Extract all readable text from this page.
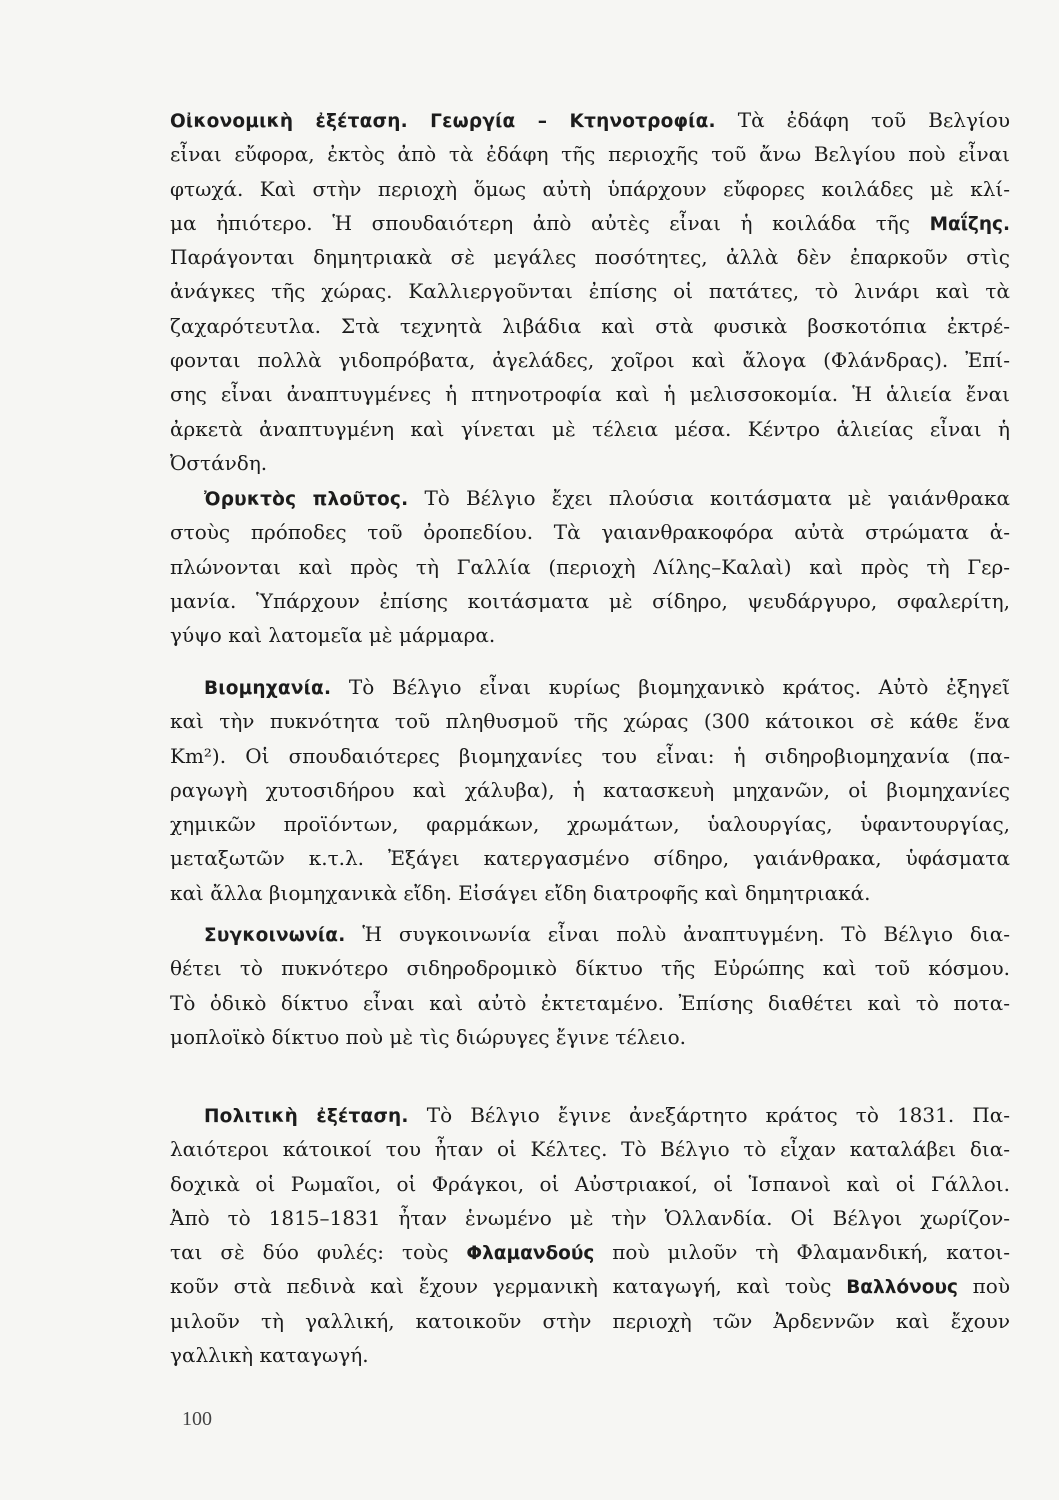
Οἰκονομικὴ ἐξέταση. Γεωργία – Κτηνοτροφία. Τὰ ἐδάφη τοῦ Βελγίου
εἶναι εὔφορα, ἐκτὸς ἀπὸ τὰ ἐδάφη τῆς περιοχῆς τοῦ ἄνω Βελγίου ποὺ εἶναι
φτωχά. Καὶ στὴν περιοχὴ ὅμως αὐτὴ ὑπάρχουν εὔφορες κοιλάδες μὲ κλί-
μα ἠπιότερο. Ἡ σπουδαιότερη ἀπὸ αὐτὲς εἶναι ἡ κοιλάδα τῆς Μαΐζης.
Παράγονται δημητριακὰ σὲ μεγάλες ποσότητες, ἀλλὰ δὲν ἐπαρκοῦν στὶς
ἀνάγκες τῆς χώρας. Καλλιεργοῦνται ἐπίσης οἱ πατάτες, τὸ λινάρι καὶ τὰ
ζαχαρότευτλα. Στὰ τεχνητὰ λιβάδια καὶ στὰ φυσικὰ βοσκοτόπια ἐκτρέ-
φονται πολλὰ γιδοπρόβατα, ἀγελάδες, χοῖροι καὶ ἄλογα (Φλάνδρας). Ἐπί-
σης εἶναι ἀναπτυγμένες ἡ πτηνοτροφία καὶ ἡ μελισσοκομία. Ἡ ἁλιεία ἔναι
ἀρκετὰ ἀναπτυγμένη καὶ γίνεται μὲ τέλεια μέσα. Κέντρο ἁλιείας εἶναι ἡ
Ὀστάνδη.
Ὀρυκτὸς πλοῦτος. Τὸ Βέλγιο ἔχει πλούσια κοιτάσματα μὲ γαιάνθρακα
στοὺς πρόποδες τοῦ ὀροπεδίου. Τὰ γαιανθρακοφόρα αὐτὰ στρώματα ἁ-
πλώνονται καὶ πρὸς τὴ Γαλλία (περιοχὴ Λίλης–Καλαὶ) καὶ πρὸς τὴ Γερ-
μανία. Ὑπάρχουν ἐπίσης κοιτάσματα μὲ σίδηρο, ψευδάργυρο, σφαλερίτη,
γύψο καὶ λατομεῖα μὲ μάρμαρα.
Βιομηχανία. Τὸ Βέλγιο εἶναι κυρίως βιομηχανικὸ κράτος. Αὐτὸ ἐξηγεῖ
καὶ τὴν πυκνότητα τοῦ πληθυσμοῦ τῆς χώρας (300 κάτοικοι σὲ κάθε ἕνα
Km²). Οἱ σπουδαιότερες βιομηχανίες του εἶναι: ἡ σιδηροβιομηχανία (πα-
ραγωγὴ χυτοσιδήρου καὶ χάλυβα), ἡ κατασκευὴ μηχανῶν, οἱ βιομηχανίες
χημικῶν προϊόντων, φαρμάκων, χρωμάτων, ὑαλουργίας, ὑφαντουργίας,
μεταξωτῶν κ.τ.λ. Ἐξάγει κατεργασμένο σίδηρο, γαιάνθρακα, ὑφάσματα
καὶ ἄλλα βιομηχανικὰ εἴδη. Εἰσάγει εἴδη διατροφῆς καὶ δημητριακά.
Συγκοινωνία. Ἡ συγκοινωνία εἶναι πολὺ ἀναπτυγμένη. Τὸ Βέλγιο δια-
θέτει τὸ πυκνότερο σιδηροδρομικὸ δίκτυο τῆς Εὐρώπης καὶ τοῦ κόσμου.
Τὸ ὁδικὸ δίκτυο εἶναι καὶ αὐτὸ ἐκτεταμένο. Ἐπίσης διαθέτει καὶ τὸ ποτα-
μοπλοϊκὸ δίκτυο ποὺ μὲ τὶς διώρυγες ἔγινε τέλειο.
Πολιτικὴ ἐξέταση. Τὸ Βέλγιο ἔγινε ἀνεξάρτητο κράτος τὸ 1831. Πα-
λαιότεροι κάτοικοί του ἦταν οἱ Κέλτες. Τὸ Βέλγιο τὸ εἶχαν καταλάβει δια-
δοχικὰ οἱ Ρωμαῖοι, οἱ Φράγκοι, οἱ Αὐστριακοί, οἱ Ἱσπανοὶ καὶ οἱ Γάλλοι.
Ἀπὸ τὸ 1815–1831 ἦταν ἑνωμένο μὲ τὴν Ὁλλανδία. Οἱ Βέλγοι χωρίζον-
ται σὲ δύο φυλές: τοὺς Φλαμανδούς ποὺ μιλοῦν τὴ Φλαμανδική, κατοι-
κοῦν στὰ πεδινὰ καὶ ἔχουν γερμανικὴ καταγωγή, καὶ τοὺς Βαλλόνους ποὺ
μιλοῦν τὴ γαλλική, κατοικοῦν στὴν περιοχὴ τῶν Ἀρδεννῶν καὶ ἔχουν
γαλλικὴ καταγωγή.
100
